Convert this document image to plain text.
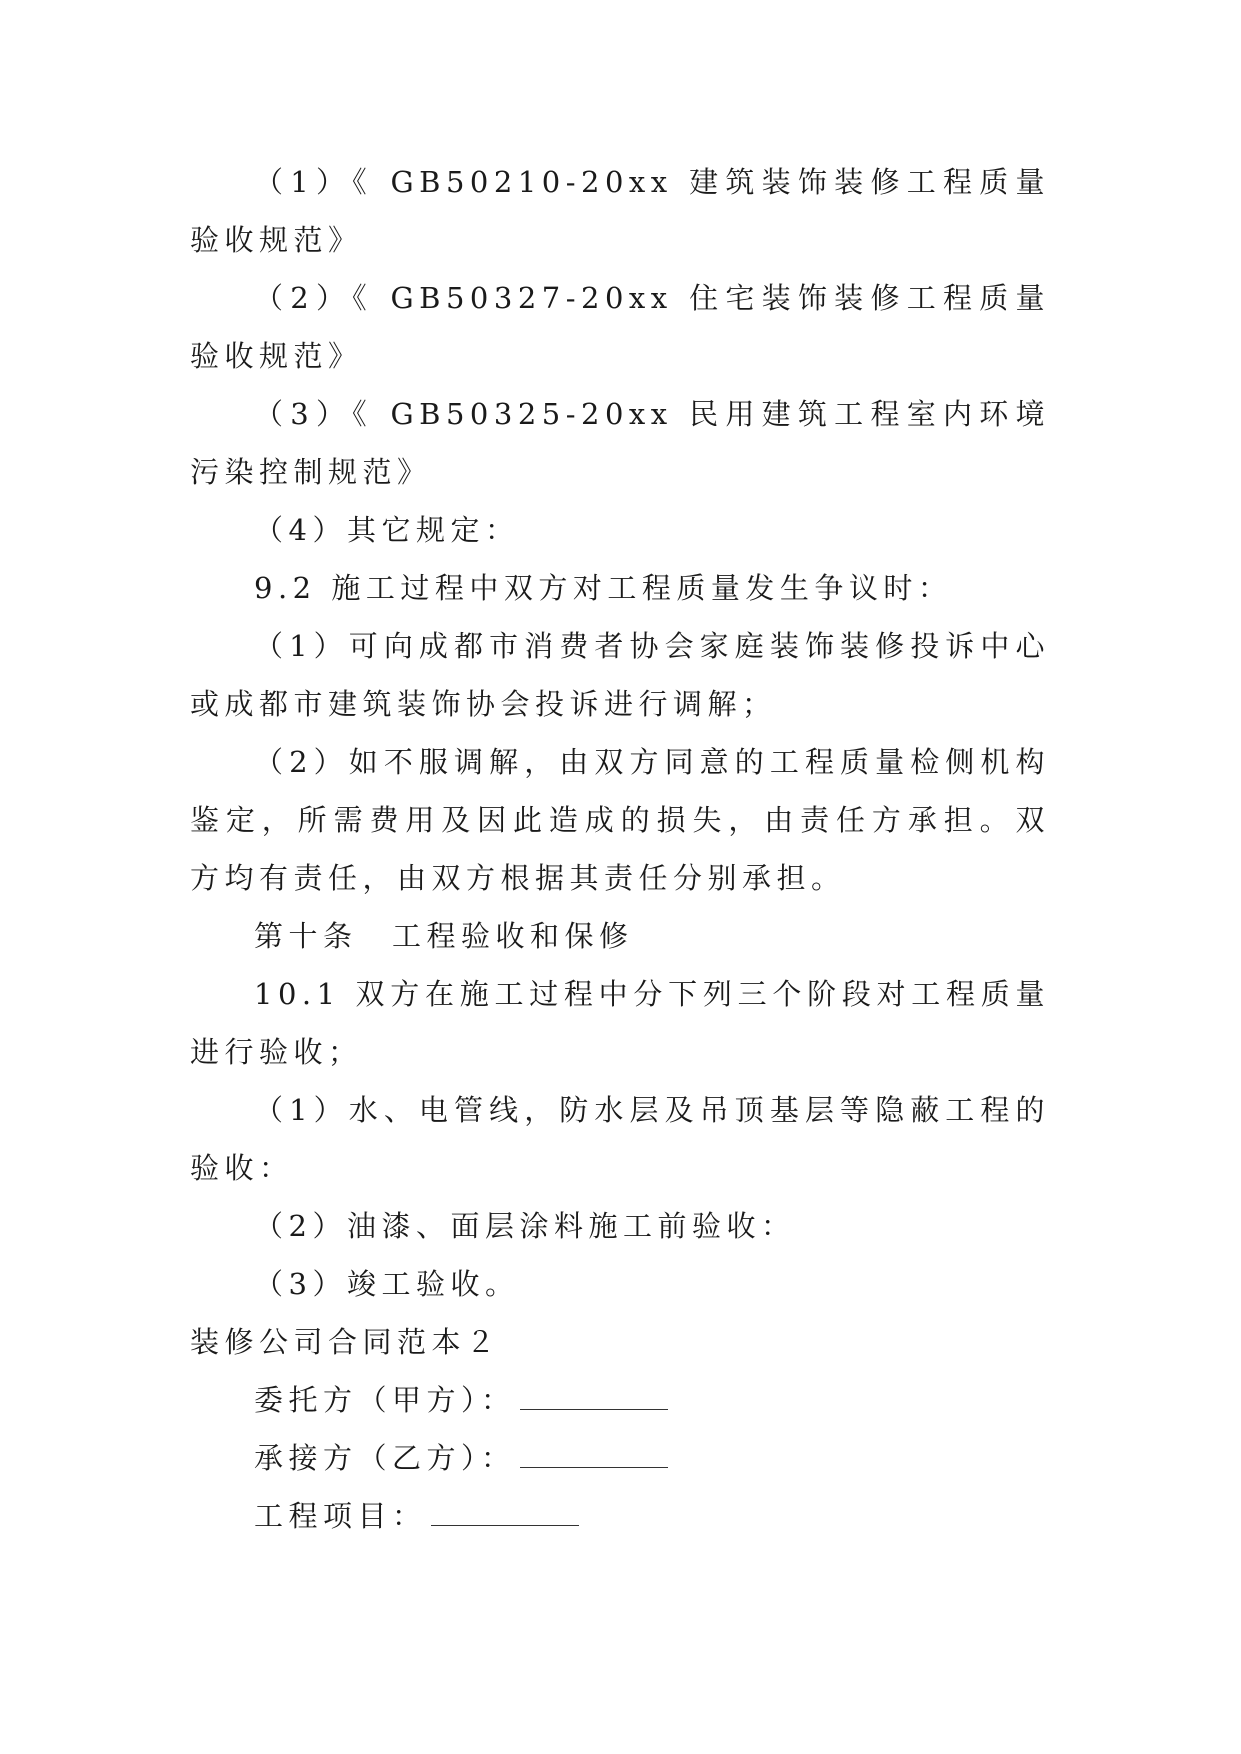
（1）《 GB50210-20xx 建筑装饰装修工程质量验收规范》

（2）《 GB50327-20xx 住宅装饰装修工程质量验收规范》

（3）《 GB50325-20xx 民用建筑工程室内环境污染控制规范》

（4）其它规定：

9.2 施工过程中双方对工程质量发生争议时：

（1）可向成都市消费者协会家庭装饰装修投诉中心或成都市建筑装饰协会投诉进行调解；

（2）如不服调解，由双方同意的工程质量检侧机构鉴定，所需费用及因此造成的损失，由责任方承担。双方均有责任，由双方根据其责任分别承担。

第十条　工程验收和保修

10.1 双方在施工过程中分下列三个阶段对工程质量进行验收；

（1）水、电管线，防水层及吊顶基层等隐蔽工程的验收：

（2）油漆、面层涂料施工前验收：

（3）竣工验收。

装修公司合同范本２

委托方（甲方）：

承接方（乙方）：

工程项目：
